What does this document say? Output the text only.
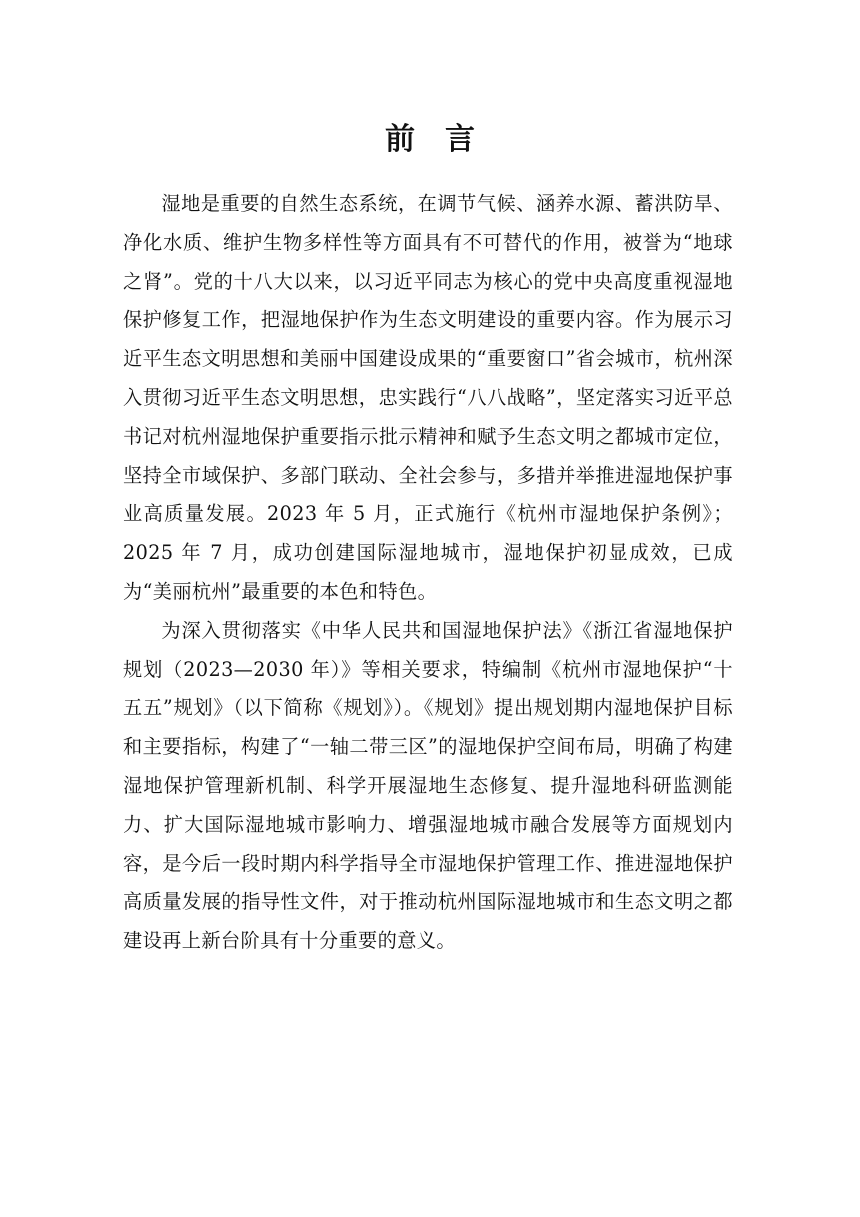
前言

湿地是重要的自然生态系统，在调节气候、涵养水源、蓄洪防旱、净化水质、维护生物多样性等方面具有不可替代的作用，被誉为“地球之肾”。党的十八大以来，以习近平同志为核心的党中央高度重视湿地保护修复工作，把湿地保护作为生态文明建设的重要内容。作为展示习近平生态文明思想和美丽中国建设成果的“重要窗口”省会城市，杭州深入贯彻习近平生态文明思想，忠实践行“八八战略”，坚定落实习近平总书记对杭州湿地保护重要指示批示精神和赋予生态文明之都城市定位，坚持全市域保护、多部门联动、全社会参与，多措并举推进湿地保护事业高质量发展。2023 年 5 月，正式施行《杭州市湿地保护条例》；2025 年 7 月，成功创建国际湿地城市，湿地保护初显成效，已成为“美丽杭州”最重要的本色和特色。

为深入贯彻落实《中华人民共和国湿地保护法》《浙江省湿地保护规划（2023—2030 年）》等相关要求，特编制《杭州市湿地保护“十五五”规划》（以下简称《规划》）。《规划》提出规划期内湿地保护目标和主要指标，构建了“一轴二带三区”的湿地保护空间布局，明确了构建湿地保护管理新机制、科学开展湿地生态修复、提升湿地科研监测能力、扩大国际湿地城市影响力、增强湿地城市融合发展等方面规划内容，是今后一段时期内科学指导全市湿地保护管理工作、推进湿地保护高质量发展的指导性文件，对于推动杭州国际湿地城市和生态文明之都建设再上新台阶具有十分重要的意义。
